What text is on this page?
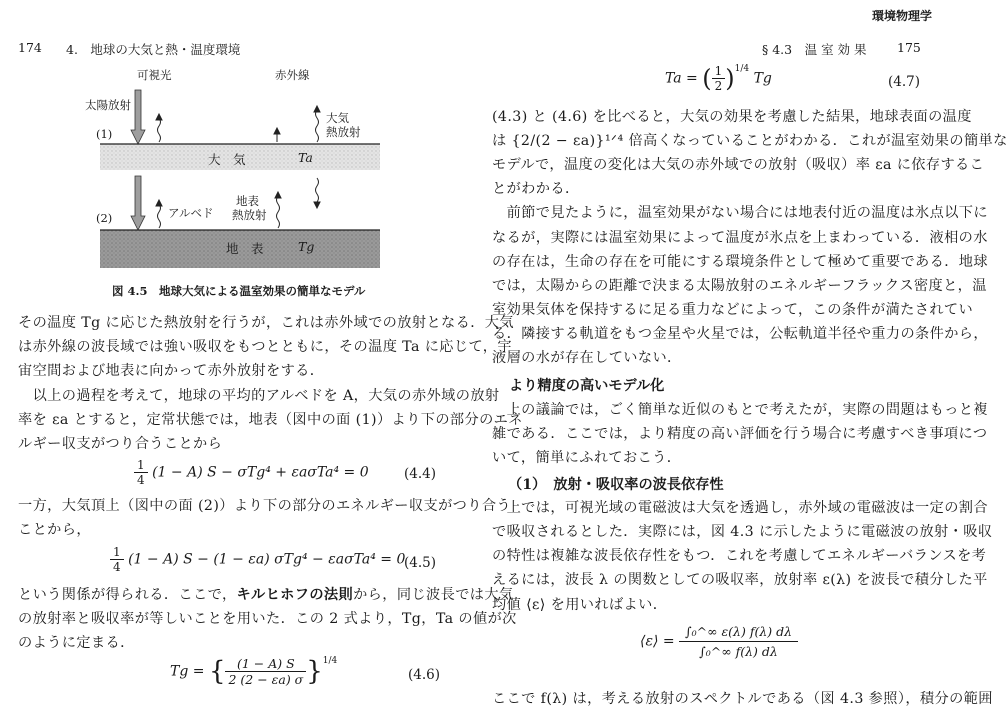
環境物理学
174 4.　地球の大気と熱・温度環境
可視光	赤外線
太陽放射
大気
熱放射
(1)
大　気	Ta
アルベド
地表
熱放射
(2)
地　表	Tg
図 4.5　地球大気による温室効果の簡単なモデル
その温度 Tg に応じた熱放射を行うが，これは赤外域での放射となる．大気
は赤外線の波長域では強い吸収をもつとともに，その温度 Ta に応じて，宇
宙空間および地表に向かって赤外放射をする．
　以上の過程を考えて，地球の平均的アルベドを A，大気の赤外域の放射
率を εa とすると，定常状態では，地表（図中の面 (1)）より下の部分のエネ
ルギー収支がつり合うことから
$\frac{1}{4} (1 - A) S - \sigma Tg^4 + \varepsilon a\sigma Ta^4 = 0$	(4.4)
一方，大気頂上（図中の面 (2)）より下の部分のエネルギー収支がつり合う
ことから，
$\frac{1}{4} (1 - A) S - (1 - \varepsilon a) \sigma Tg^4 - \varepsilon a\sigma Ta^4 = 0$
(4.5)
という関係が得られる．ここで，キルヒホフの法則から，同じ波長では大気
の放射率と吸収率が等しいことを用いた．この 2 式より，Tg，Ta の値が次
のように定まる．
Tg = { $\frac{(1 - A) S}{2 (2 - \varepsilon a) \sigma} \}^{1/4}$
(4.6)
§ 4.3　温 室 効 果 175
Ta = ( $\frac{1}{2} )^{1/4}$ Tg	(4.7)
(4.3) と (4.6) を比べると，大気の効果を考慮した結果，地球表面の温度
は {2/(2 − εa)}¹ᐟ⁴ 倍高くなっていることがわかる．これが温室効果の簡単な
モデルで，温度の変化は大気の赤外域での放射（吸収）率 εa に依存するこ
とがわかる．
　前節で見たように，温室効果がない場合には地表付近の温度は氷点以下に
なるが，実際には温室効果によって温度が氷点を上まわっている．液相の水
の存在は，生命の存在を可能にする環境条件として極めて重要である．地球
では，太陽からの距離で決まる太陽放射のエネルギーフラックス密度と，温
室効果気体を保持するに足る重力などによって，この条件が満たされてい
る．隣接する軌道をもつ金星や火星では，公転軌道半径や重力の条件から，
液層の水が存在していない．
より精度の高いモデル化
　上の議論では，ごく簡単な近似のもとで考えたが，実際の問題はもっと複
雑である．ここでは，より精度の高い評価を行う場合に考慮すべき事項につ
いて，簡単にふれておこう．
（1）　放射・吸収率の波長依存性
　上では，可視光域の電磁波は大気を透過し，赤外域の電磁波は一定の割合
で吸収されるとした．実際には，図 4.3 に示したように電磁波の放射・吸収
の特性は複雑な波長依存性をもつ．これを考慮してエネルギーバランスを考
えるには，波長 λ の関数としての吸収率，放射率 ε(λ) を波長で積分した平
均値 ⟨ε⟩ を用いればよい．
⟨ε⟩ = $\frac{\text{∫₀\textasciicircum{}∞ ε(λ) f(λ) dλ}}{\text{∫₀\textasciicircum{}∞ f(λ) dλ}}$
ここで f(λ) は，考える放射のスペクトルである（図 4.3 参照），積分の範囲
